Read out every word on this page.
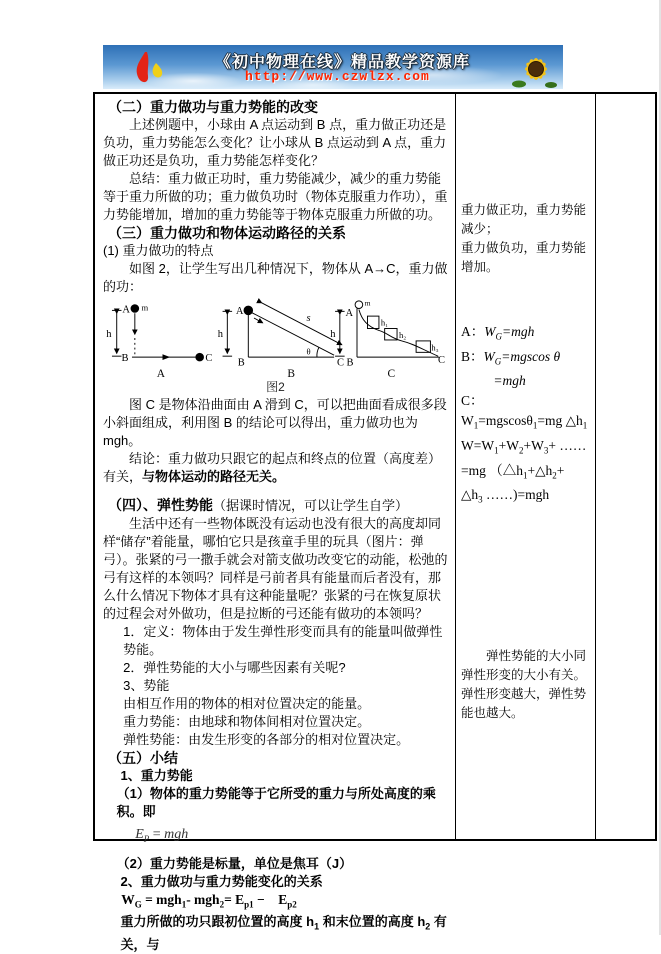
《初中物理在线》精品教学资源库
http://www.czwlzx.com

（二）重力做功与重力势能的改变

上述例题中，小球由 A 点运动到 B 点，重力做正功还是负功，重力势能怎么变化？让小球从 B 点运动到 A 点，重力做正功还是负功，重力势能怎样变化？

总结：重力做正功时，重力势能减少，减少的重力势能等于重力所做的功；重力做负功时（物体克服重力作功），重力势能增加，增加的重力势能等于物体克服重力所做的功。

（三）重力做功和物体运动路径的关系

(1) 重力做功的特点

如图 2，让学生写出几种情况下，物体从 A→C，重力做的功：

A m
h
B	C
A
h
A
s
θ
B	C
B
m
A
h
h₁
h₂
h₃
B	C
C
图2

图 C 是物体沿曲面由 A 滑到 C，可以把曲面看成很多段小斜面组成，利用图 B 的结论可以得出，重力做功也为 mgh。

结论：重力做功只跟它的起点和终点的位置（高度差）有关，与物体运动的路径无关。

（四）、弹性势能（据课时情况，可以让学生自学）

生活中还有一些物体既没有运动也没有很大的高度却同样“储存”着能量，哪怕它只是孩童手里的玩具（图片：弹弓）。张紧的弓一撒手就会对箭支做功改变它的动能，松弛的弓有这样的本领吗？同样是弓前者具有能量而后者没有，那么什么情况下物体才具有这种能量呢？张紧的弓在恢复原状的过程会对外做功，但是拉断的弓还能有做功的本领吗？

1．定义：物体由于发生弹性形变而具有的能量叫做弹性势能。

2．弹性势能的大小与哪些因素有关呢?

3、势能

由相互作用的物体的相对位置决定的能量。

重力势能：由地球和物体间相对位置决定。

弹性势能：由发生形变的各部分的相对位置决定。

（五）小结

1、重力势能

（1）物体的重力势能等于它所受的重力与所处高度的乘积。即

$E_P$ = mgh

（2）重力势能是标量，单位是焦耳（J）

2、重力做功与重力势能变化的关系

$W_G = mgh_1-$ $mgh_2= E_{p1}$ −　$E_{p2}$

重力所做的功只跟初位置的高度 $h_1$ 和末位置的高度 $h_2$ 有关，与

重力做正功，重力势能减少；

重力做负功，重力势能增加。

A：$W_G=mgh$

B：$W_G=mgscos$ θ

=mgh

C：

$W_1=mgscos\theta_1=mg$ $\triangle h_1$

$W=W_1+W_2+W_3+$ ……

=mg （$\triangle h_1+\triangle h_2+$

$\triangle h_3$ ……)=mgh

弹性势能的大小同弹性形变的大小有关。弹性形变越大，弹性势能也越大。
